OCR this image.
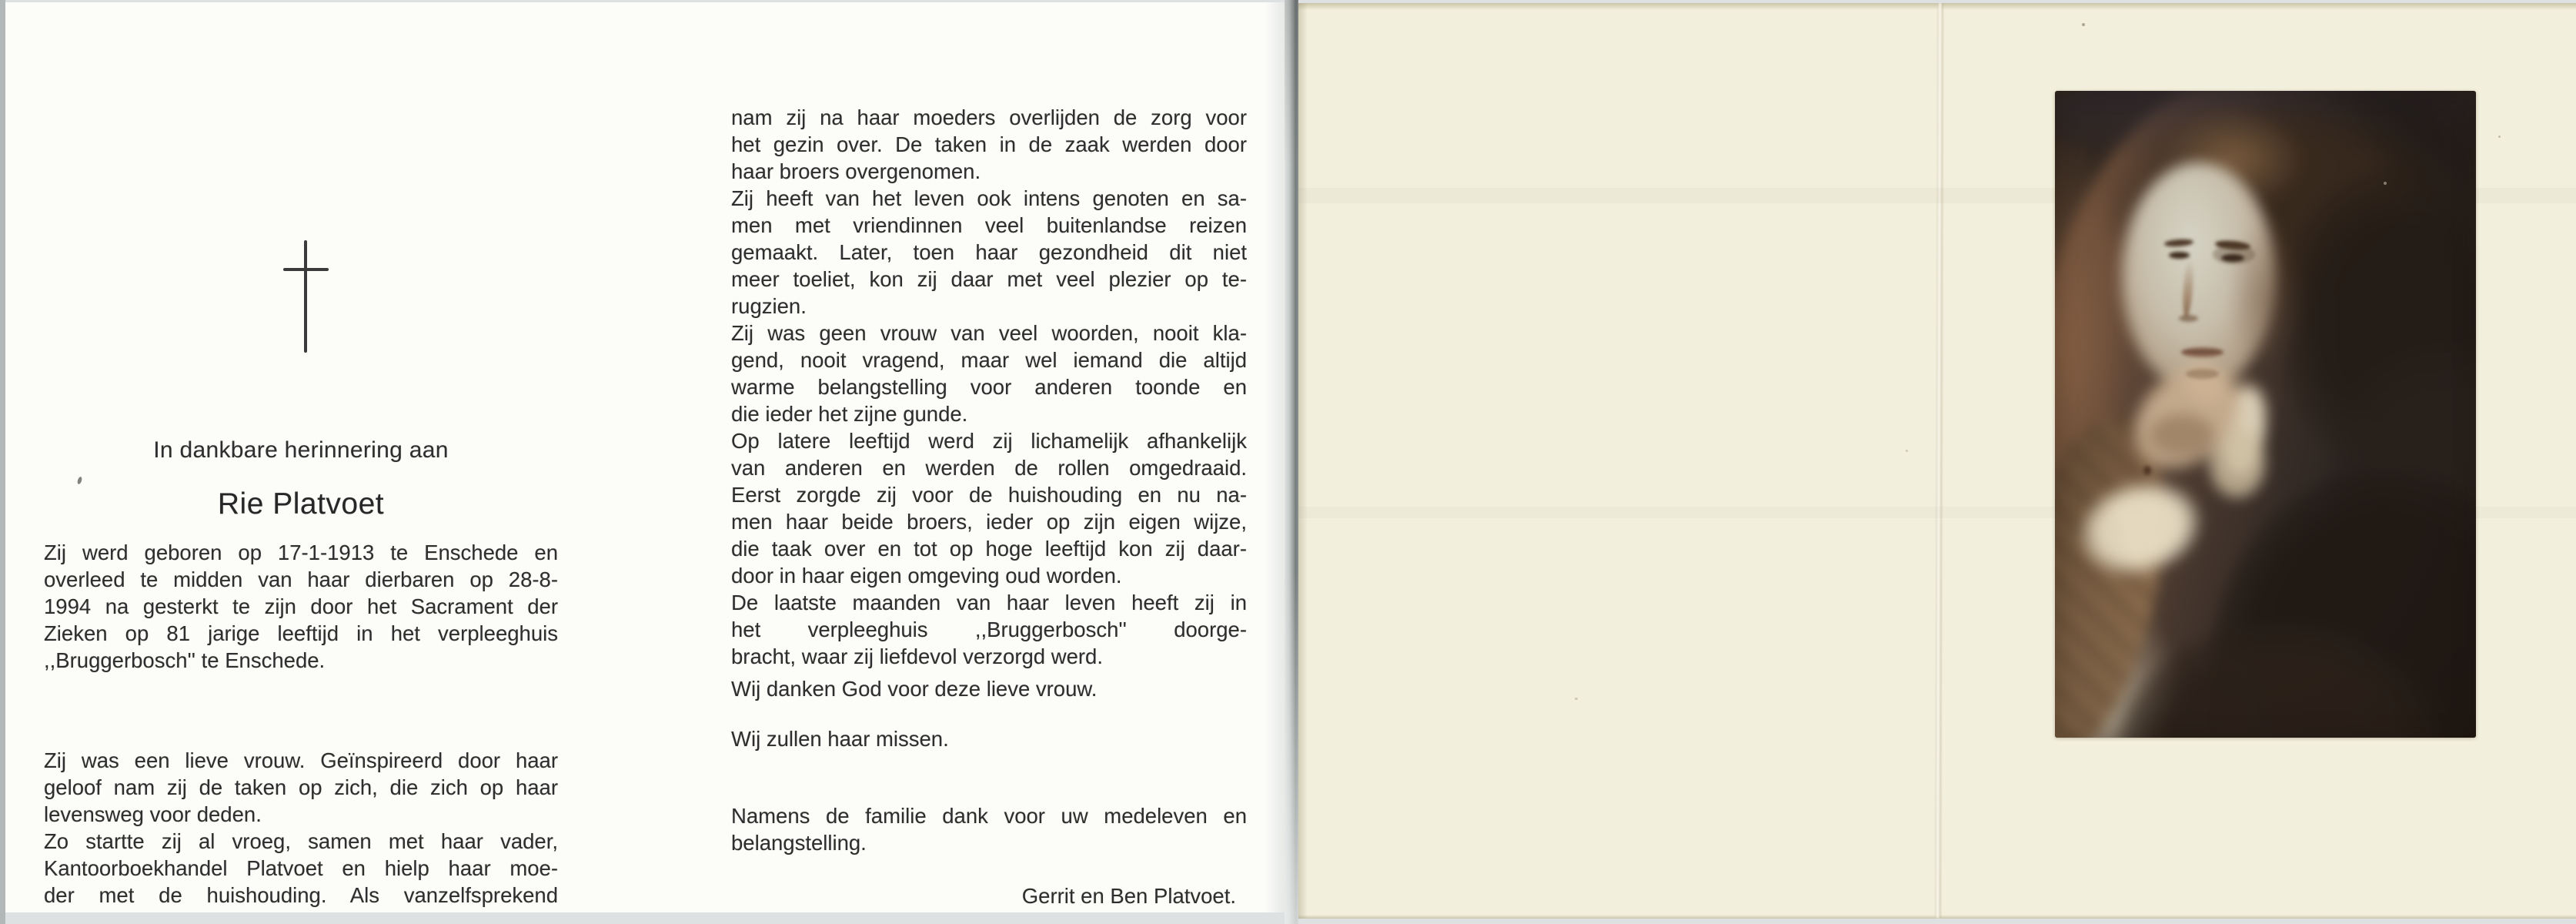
In dankbare herinnering aan
Rie Platvoet
Zij werd geboren op 17-1-1913 te Enschede en
overleed te midden van haar dierbaren op 28-8-
1994 na gesterkt te zijn door het Sacrament der
Zieken op 81 jarige leeftijd in het verpleeghuis
,,Bruggerbosch'' te Enschede.
Zij was een lieve vrouw. Geïnspireerd door haar
geloof nam zij de taken op zich, die zich op haar
levensweg voor deden.
Zo startte zij al vroeg, samen met haar vader,
Kantoorboekhandel Platvoet en hielp haar moe-
der met de huishouding. Als vanzelfsprekend
nam zij na haar moeders overlijden de zorg voor
het gezin over. De taken in de zaak werden door
haar broers overgenomen.
Zij heeft van het leven ook intens genoten en sa-
men met vriendinnen veel buitenlandse reizen
gemaakt. Later, toen haar gezondheid dit niet
meer toeliet, kon zij daar met veel plezier op te-
rugzien.
Zij was geen vrouw van veel woorden, nooit kla-
gend, nooit vragend, maar wel iemand die altijd
warme belangstelling voor anderen toonde en
die ieder het zijne gunde.
Op latere leeftijd werd zij lichamelijk afhankelijk
van anderen en werden de rollen omgedraaid.
Eerst zorgde zij voor de huishouding en nu na-
men haar beide broers, ieder op zijn eigen wijze,
die taak over en tot op hoge leeftijd kon zij daar-
door in haar eigen omgeving oud worden.
De laatste maanden van haar leven heeft zij in
het verpleeghuis ,,Bruggerbosch'' doorge-
bracht, waar zij liefdevol verzorgd werd.
Wij danken God voor deze lieve vrouw.
Wij zullen haar missen.
Namens de familie dank voor uw medeleven en
belangstelling.
Gerrit en Ben Platvoet.
